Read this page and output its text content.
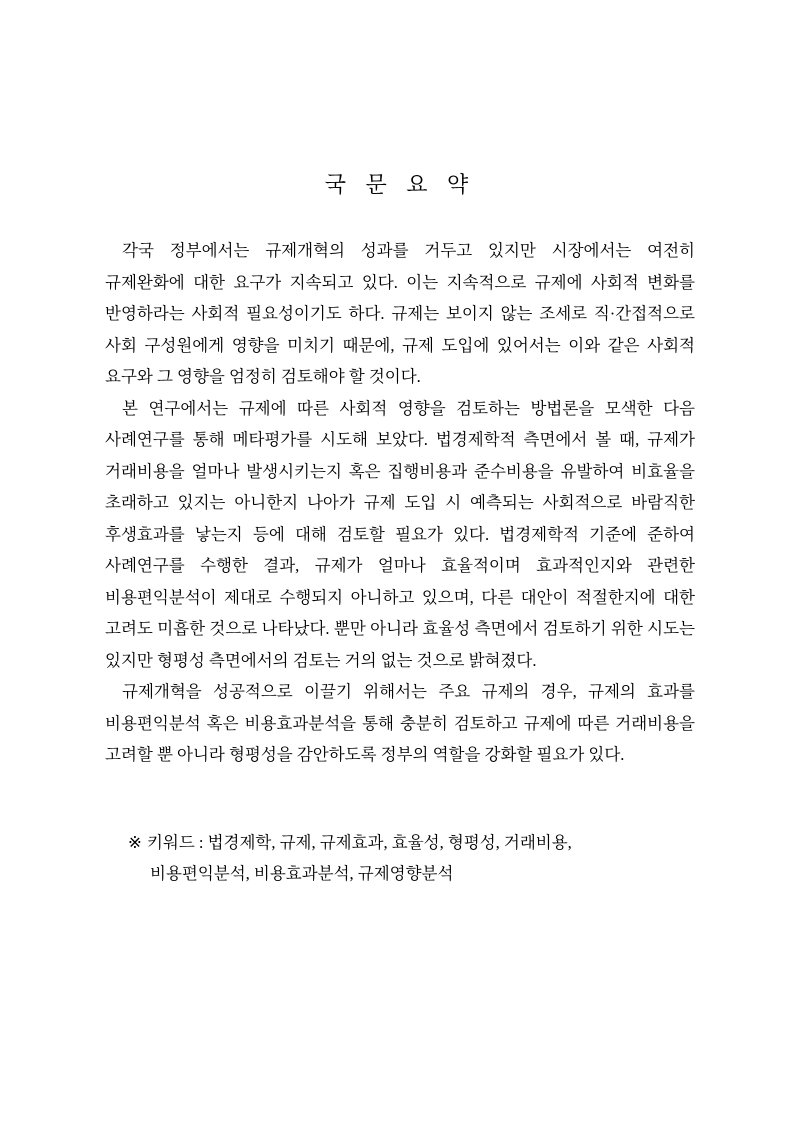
국 문 요 약

각국 정부에서는 규제개혁의 성과를 거두고 있지만 시장에서는 여전히 규제완화에 대한 요구가 지속되고 있다. 이는 지속적으로 규제에 사회적 변화를 반영하라는 사회적 필요성이기도 하다. 규제는 보이지 않는 조세로 직·간접적으로 사회 구성원에게 영향을 미치기 때문에, 규제 도입에 있어서는 이와 같은 사회적 요구와 그 영향을 엄정히 검토해야 할 것이다.

본 연구에서는 규제에 따른 사회적 영향을 검토하는 방법론을 모색한 다음 사례연구를 통해 메타평가를 시도해 보았다. 법경제학적 측면에서 볼 때, 규제가 거래비용을 얼마나 발생시키는지 혹은 집행비용과 준수비용을 유발하여 비효율을 초래하고 있지는 아니한지 나아가 규제 도입 시 예측되는 사회적으로 바람직한 후생효과를 낳는지 등에 대해 검토할 필요가 있다. 법경제학적 기준에 준하여 사례연구를 수행한 결과, 규제가 얼마나 효율적이며 효과적인지와 관련한 비용편익분석이 제대로 수행되지 아니하고 있으며, 다른 대안이 적절한지에 대한 고려도 미흡한 것으로 나타났다. 뿐만 아니라 효율성 측면에서 검토하기 위한 시도는 있지만 형평성 측면에서의 검토는 거의 없는 것으로 밝혀졌다.

규제개혁을 성공적으로 이끌기 위해서는 주요 규제의 경우, 규제의 효과를 비용편익분석 혹은 비용효과분석을 통해 충분히 검토하고 규제에 따른 거래비용을 고려할 뿐 아니라 형평성을 감안하도록 정부의 역할을 강화할 필요가 있다.

※ 키워드 : 법경제학, 규제, 규제효과, 효율성, 형평성, 거래비용, 비용편익분석, 비용효과분석, 규제영향분석
